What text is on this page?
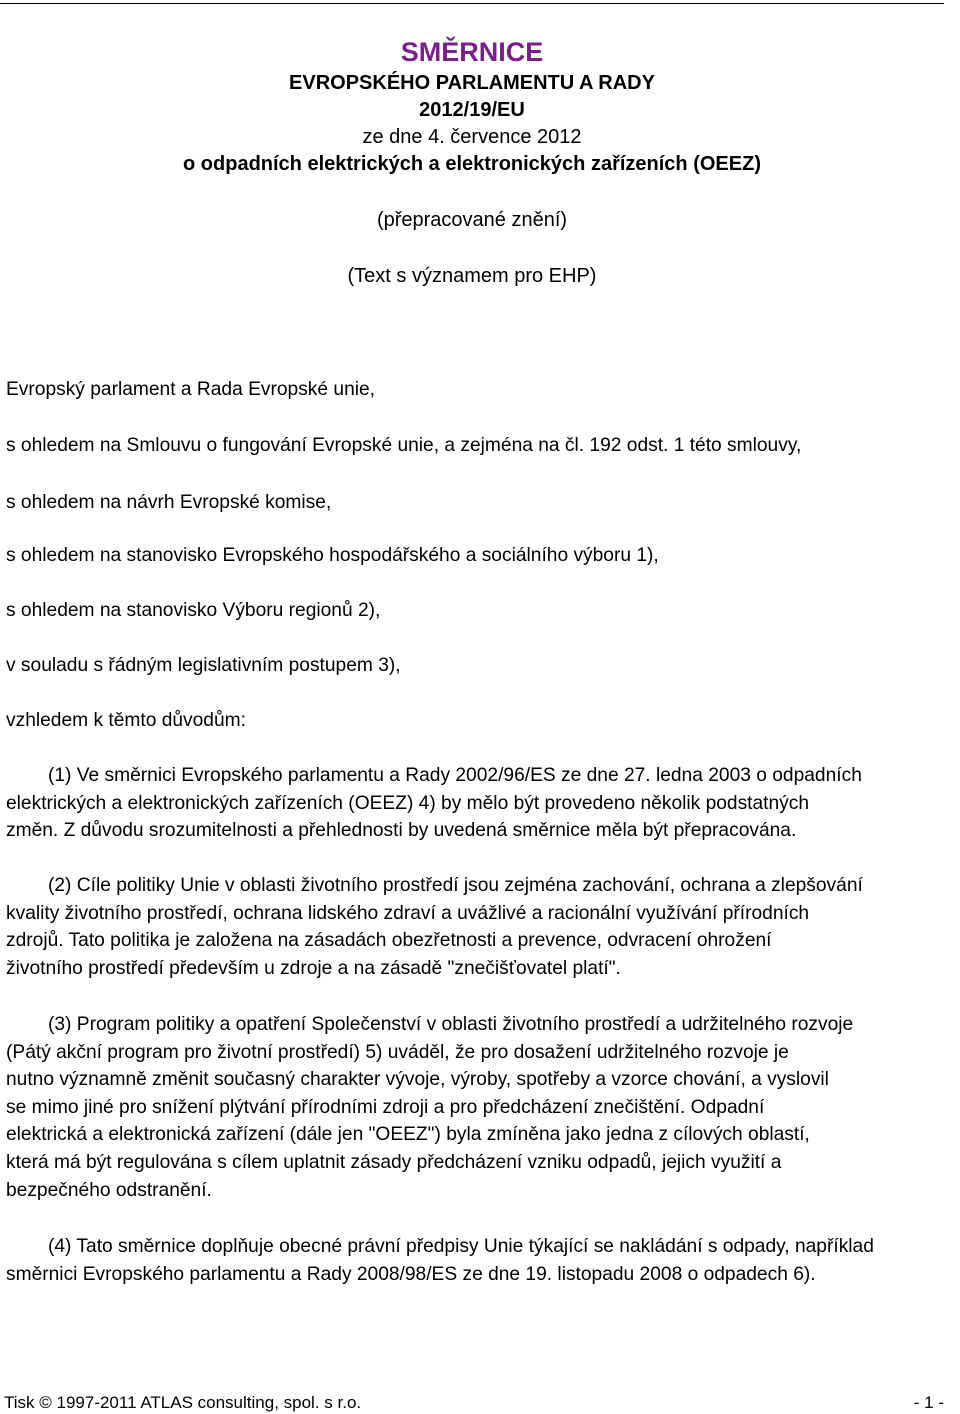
SMĚRNICE
EVROPSKÉHO PARLAMENTU A RADY
2012/19/EU
ze dne 4. července 2012
o odpadních elektrických a elektronických zařízeních (OEEZ)
(přepracované znění)
(Text s významem pro EHP)
Evropský parlament a Rada Evropské unie,
s ohledem na Smlouvu o fungování Evropské unie, a zejména na čl. 192 odst. 1 této smlouvy,
s ohledem na návrh Evropské komise,
s ohledem na stanovisko Evropského hospodářského a sociálního výboru 1),
s ohledem na stanovisko Výboru regionů 2),
v souladu s řádným legislativním postupem 3),
vzhledem k těmto důvodům:
(1) Ve směrnici Evropského parlamentu a Rady 2002/96/ES ze dne 27. ledna 2003 o odpadních
elektrických a elektronických zařízeních (OEEZ) 4) by mělo být provedeno několik podstatných
změn. Z důvodu srozumitelnosti a přehlednosti by uvedená směrnice měla být přepracována.
(2) Cíle politiky Unie v oblasti životního prostředí jsou zejména zachování, ochrana a zlepšování
kvality životního prostředí, ochrana lidského zdraví a uvážlivé a racionální využívání přírodních
zdrojů. Tato politika je založena na zásadách obezřetnosti a prevence, odvracení ohrožení
životního prostředí především u zdroje a na zásadě "znečišťovatel platí".
(3) Program politiky a opatření Společenství v oblasti životního prostředí a udržitelného rozvoje
(Pátý akční program pro životní prostředí) 5) uváděl, že pro dosažení udržitelného rozvoje je
nutno významně změnit současný charakter vývoje, výroby, spotřeby a vzorce chování, a vyslovil
se mimo jiné pro snížení plýtvání přírodními zdroji a pro předcházení znečištění. Odpadní
elektrická a elektronická zařízení (dále jen "OEEZ") byla zmíněna jako jedna z cílových oblastí,
která má být regulována s cílem uplatnit zásady předcházení vzniku odpadů, jejich využití a
bezpečného odstranění.
(4) Tato směrnice doplňuje obecné právní předpisy Unie týkající se nakládání s odpady, například
směrnici Evropského parlamentu a Rady 2008/98/ES ze dne 19. listopadu 2008 o odpadech 6).
Tisk © 1997-2011 ATLAS consulting, spol. s r.o.	- 1 -
